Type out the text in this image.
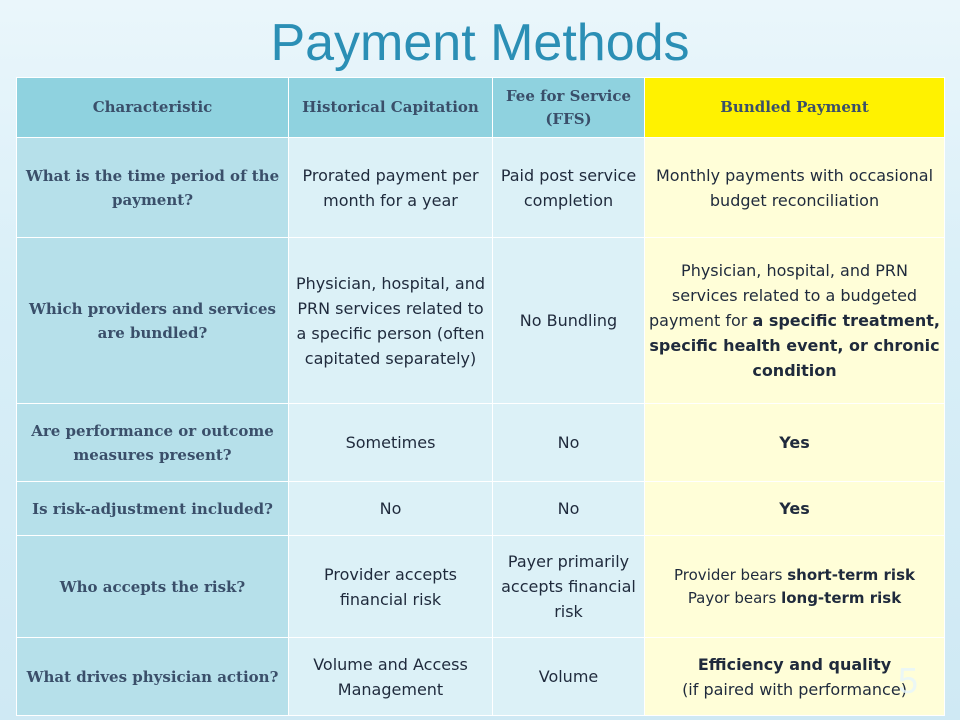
Payment Methods
Characteristic	Historical Capitation	Fee for Service (FFS)	Bundled Payment
What is the time period of the payment?	Prorated payment per month for a year	Paid post service completion	Monthly payments with occasional budget reconciliation
Which providers and services are bundled?	Physician, hospital, and PRN services related to a specific person (often capitated separately)	No Bundling	Physician, hospital, and PRN services related to a budgeted payment for a specific treatment, specific health event, or chronic condition
Are performance or outcome measures present?	Sometimes	No	Yes
Is risk-adjustment included?	No	No	Yes
Who accepts the risk?	Provider accepts financial risk	Payer primarily accepts financial risk	Provider bears short-term risk
Payor bears long-term risk
What drives physician action?	Volume and Access Management	Volume	Efficiency and quality
(if paired with performance)
5
